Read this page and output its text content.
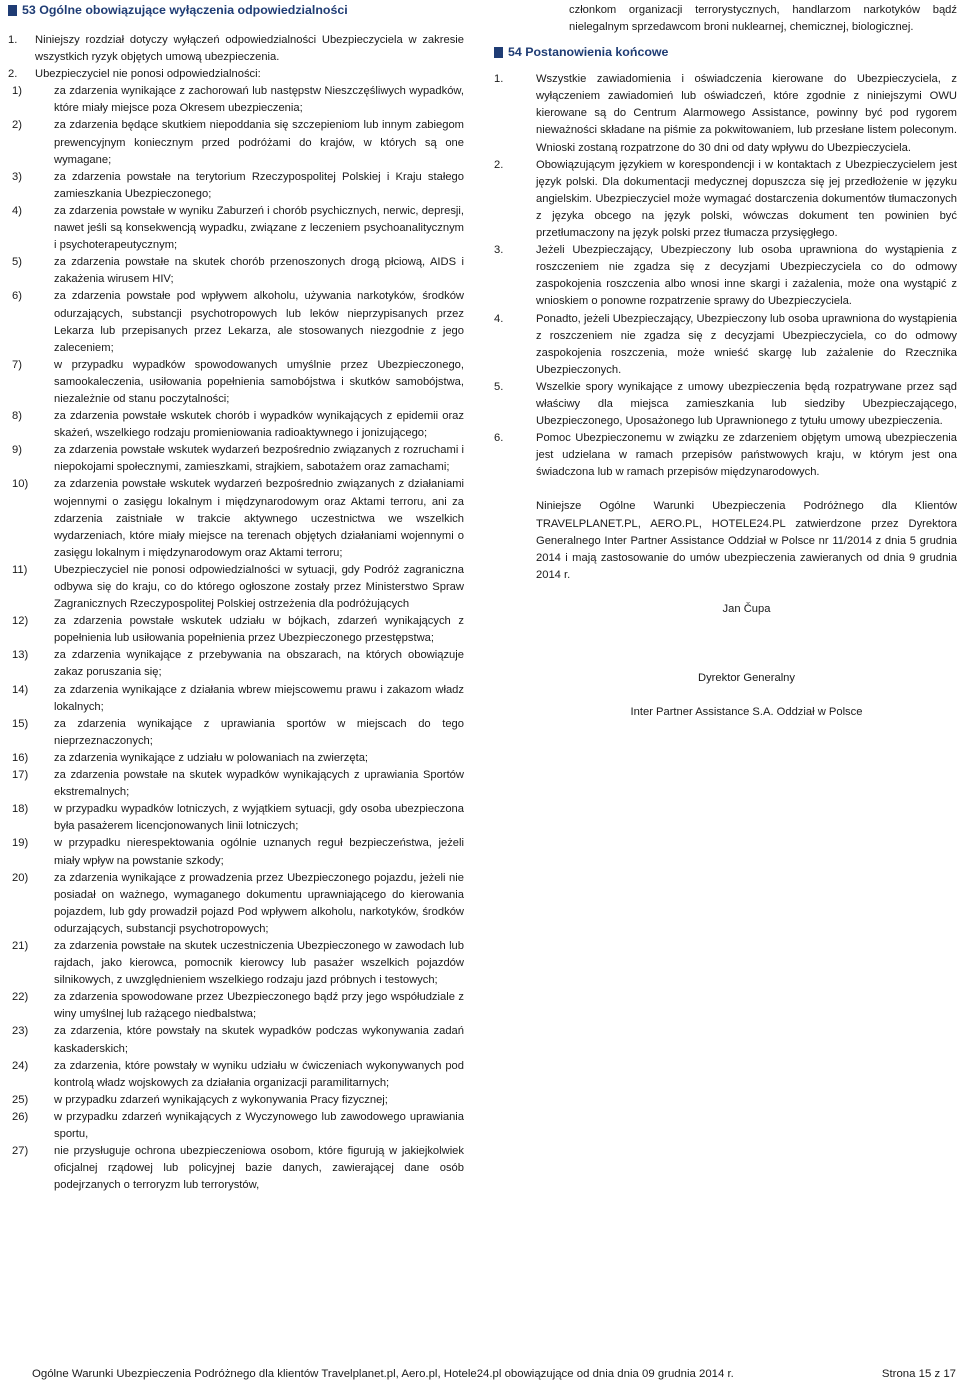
53 Ogólne obowiązujące wyłączenia odpowiedzialności
1.	Niniejszy rozdział dotyczy wyłączeń odpowiedzialności Ubezpieczyciela w zakresie wszystkich ryzyk objętych umową ubezpieczenia.
2.	Ubezpieczyciel nie ponosi odpowiedzialności:
1)	za zdarzenia wynikające z zachorowań lub następstw Nieszczęśliwych wypadków, które miały miejsce poza Okresem ubezpieczenia;
2)	za zdarzenia będące skutkiem niepoddania się szczepieniom lub innym zabiegom prewencyjnym koniecznym przed podróżami do krajów, w których są one wymagane;
3)	za zdarzenia powstałe na terytorium Rzeczypospolitej Polskiej i Kraju stałego zamieszkania Ubezpieczonego;
4)	za zdarzenia powstałe w wyniku Zaburzeń i chorób psychicznych, nerwic, depresji, nawet jeśli są konsekwencją wypadku, związane z leczeniem psychoanalitycznym i psychoterapeutycznym;
5)	za zdarzenia powstałe na skutek chorób przenoszonych drogą płciową, AIDS i zakażenia wirusem HIV;
6)	za zdarzenia powstałe pod wpływem alkoholu, używania narkotyków, środków odurzających, substancji psychotropowych lub leków nieprzypisanych przez Lekarza lub przepisanych przez Lekarza, ale stosowanych niezgodnie z jego zaleceniem;
7)	w przypadku wypadków spowodowanych umyślnie przez Ubezpieczonego, samookaleczenia, usiłowania popełnienia samobójstwa i skutków samobójstwa, niezależnie od stanu poczytalności;
8)	za zdarzenia powstałe wskutek chorób i wypadków wynikających z epidemii oraz skażeń, wszelkiego rodzaju promieniowania radioaktywnego i jonizującego;
9)	za zdarzenia powstałe wskutek wydarzeń bezpośrednio związanych z rozruchami i niepokojami społecznymi, zamieszkami, strajkiem, sabotażem oraz zamachami;
10)	za zdarzenia powstałe wskutek wydarzeń bezpośrednio związanych z działaniami wojennymi o zasięgu lokalnym i międzynarodowym oraz Aktami terroru, ani za zdarzenia zaistniałe w trakcie aktywnego uczestnictwa we wszelkich wydarzeniach, które miały miejsce na terenach objętych działaniami wojennymi o zasięgu lokalnym i międzynarodowym oraz Aktami terroru;
11)	Ubezpieczyciel nie ponosi odpowiedzialności w sytuacji, gdy Podróż zagraniczna odbywa się do kraju, co do którego ogłoszone zostały przez Ministerstwo Spraw Zagranicznych Rzeczypospolitej Polskiej ostrzeżenia dla podróżujących
12)	za zdarzenia powstałe wskutek udziału w bójkach, zdarzeń wynikających z popełnienia lub usiłowania popełnienia przez Ubezpieczonego przestępstwa;
13)	za zdarzenia wynikające z przebywania na obszarach, na których obowiązuje zakaz poruszania się;
14)	za zdarzenia wynikające z działania wbrew miejscowemu prawu i zakazom władz lokalnych;
15)	za zdarzenia wynikające z uprawiania sportów w miejscach do tego nieprzeznaczonych;
16)	za zdarzenia wynikające z udziału w polowaniach na zwierzęta;
17)	za zdarzenia powstałe na skutek wypadków wynikających z uprawiania Sportów ekstremalnych;
18)	w przypadku wypadków lotniczych, z wyjątkiem sytuacji, gdy osoba ubezpieczona była pasażerem licencjonowanych linii lotniczych;
19)	w przypadku nierespektowania ogólnie uznanych reguł bezpieczeństwa, jeżeli miały wpływ na powstanie szkody;
20)	za zdarzenia wynikające z prowadzenia przez Ubezpieczonego pojazdu, jeżeli nie posiadał on ważnego, wymaganego dokumentu uprawniającego do kierowania pojazdem, lub gdy prowadził pojazd Pod wpływem alkoholu, narkotyków, środków odurzających, substancji psychotropowych;
21)	za zdarzenia powstałe na skutek uczestniczenia Ubezpieczonego w zawodach lub rajdach, jako kierowca, pomocnik kierowcy lub pasażer wszelkich pojazdów silnikowych, z uwzględnieniem wszelkiego rodzaju jazd próbnych i testowych;
22)	za zdarzenia spowodowane przez Ubezpieczonego bądź przy jego współudziale z winy umyślnej lub rażącego niedbalstwa;
23)	za zdarzenia, które powstały na skutek wypadków podczas wykonywania zadań kaskaderskich;
24)	za zdarzenia, które powstały w wyniku udziału w ćwiczeniach wykonywanych pod kontrolą władz wojskowych za działania organizacji paramilitarnych;
25)	w przypadku zdarzeń wynikających z wykonywania Pracy fizycznej;
26)	w przypadku zdarzeń wynikających z Wyczynowego lub zawodowego uprawiania sportu,
27)	nie przysługuje ochrona ubezpieczeniowa osobom, które figurują w jakiejkolwiek oficjalnej rządowej lub policyjnej bazie danych, zawierającej dane osób podejrzanych o terroryzm lub terrorystów,
członkom organizacji terrorystycznych, handlarzom narkotyków bądź nielegalnym sprzedawcom broni nuklearnej, chemicznej, biologicznej.
54 Postanowienia końcowe
1.	Wszystkie zawiadomienia i oświadczenia kierowane do Ubezpieczyciela, z wyłączeniem zawiadomień lub oświadczeń, które zgodnie z niniejszymi OWU kierowane są do Centrum Alarmowego Assistance, powinny być pod rygorem nieważności składane na piśmie za pokwitowaniem, lub przesłane listem poleconym. Wnioski zostaną rozpatrzone do 30 dni od daty wpływu do Ubezpieczyciela.
2.	Obowiązującym językiem w korespondencji i w kontaktach z Ubezpieczycielem jest język polski. Dla dokumentacji medycznej dopuszcza się jej przedłożenie w języku angielskim. Ubezpieczyciel może wymagać dostarczenia dokumentów tłumaczonych z języka obcego na język polski, wówczas dokument ten powinien być przetłumaczony na język polski przez tłumacza przysięgłego.
3.	Jeżeli Ubezpieczający, Ubezpieczony lub osoba uprawniona do wystąpienia z roszczeniem nie zgadza się z decyzjami Ubezpieczyciela co do odmowy zaspokojenia roszczenia albo wnosi inne skargi i zażalenia, może ona wystąpić z wnioskiem o ponowne rozpatrzenie sprawy do Ubezpieczyciela.
4.	Ponadto, jeżeli Ubezpieczający, Ubezpieczony lub osoba uprawniona do wystąpienia z roszczeniem nie zgadza się z decyzjami Ubezpieczyciela, co do odmowy zaspokojenia roszczenia, może wnieść skargę lub zażalenie do Rzecznika Ubezpieczonych.
5.	Wszelkie spory wynikające z umowy ubezpieczenia będą rozpatrywane przez sąd właściwy dla miejsca zamieszkania lub siedziby Ubezpieczającego, Ubezpieczonego, Uposażonego lub Uprawnionego z tytułu umowy ubezpieczenia.
6.	Pomoc Ubezpieczonemu w związku ze zdarzeniem objętym umową ubezpieczenia jest udzielana w ramach przepisów państwowych kraju, w którym jest ona świadczona lub w ramach przepisów międzynarodowych.
Niniejsze Ogólne Warunki Ubezpieczenia Podróżnego dla Klientów TRAVELPLANET.PL, AERO.PL, HOTELE24.PL zatwierdzone przez Dyrektora Generalnego Inter Partner Assistance Oddział w Polsce nr 11/2014 z dnia 5 grudnia 2014 i mają zastosowanie do umów ubezpieczenia zawieranych od dnia 9 grudnia 2014 r.
Jan Čupa
Dyrektor Generalny
Inter Partner Assistance S.A. Oddział w Polsce
Ogólne Warunki Ubezpieczenia Podróżnego dla klientów Travelplanet.pl, Aero.pl, Hotele24.pl obowiązujące od dnia dnia 09 grudnia 2014 r.	Strona 15 z 17
